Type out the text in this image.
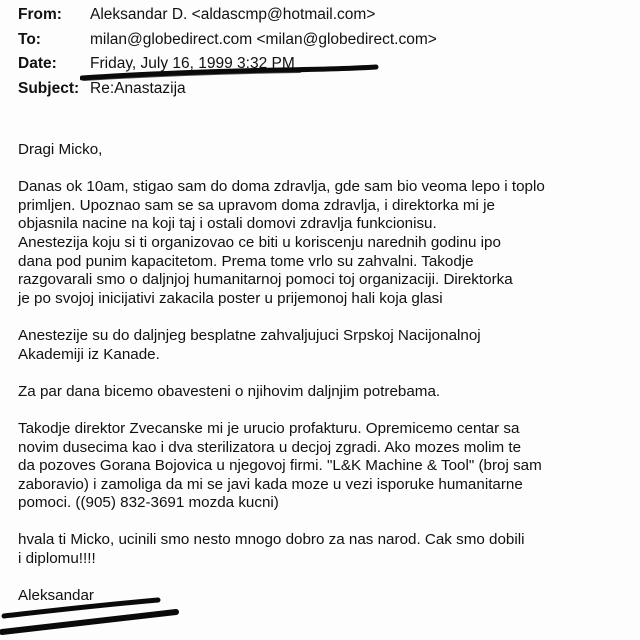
From:	Aleksandar D. <aldascmp@hotmail.com>
To:	milan@globedirect.com <milan@globedirect.com>
Date:	Friday, July 16, 1999 3:32 PM
Subject: Re:Anastazija

Dragi Micko,

Danas ok 10am, stigao sam do doma zdravlja, gde sam bio veoma lepo i toplo
primljen. Upoznao sam se sa upravom doma zdravlja, i direktorka mi je
objasnila nacine na koji taj i ostali domovi zdravlja funkcionisu.
Anestezija koju si ti organizovao ce biti u koriscenju narednih godinu ipo
dana pod punim kapacitetom. Prema tome vrlo su zahvalni. Takodje
razgovarali smo o daljnjoj humanitarnoj pomoci toj organizaciji. Direktorka
je po svojoj inicijativi zakacila poster u prijemonoj hali koja glasi
Anestezije su do daljnjeg besplatne zahvaljujuci Srpskoj Nacijonalnoj
Akademiji iz Kanade.
Za par dana bicemo obavesteni o njihovim daljnjim potrebama.
Takodje direktor Zvecanske mi je urucio profakturu. Opremicemo centar sa
novim dusecima kao i dva sterilizatora u decjoj zgradi. Ako mozes molim te
da pozoves Gorana Bojovica u njegovoj firmi. "L&K Machine & Tool" (broj sam
zaboravio) i zamoliga da mi se javi kada moze u vezi isporuke humanitarne
pomoci. ((905) 832-3691 mozda kucni)
hvala ti Micko, ucinili smo nesto mnogo dobro za nas narod. Cak smo dobili
i diplomu!!!!

Aleksandar
